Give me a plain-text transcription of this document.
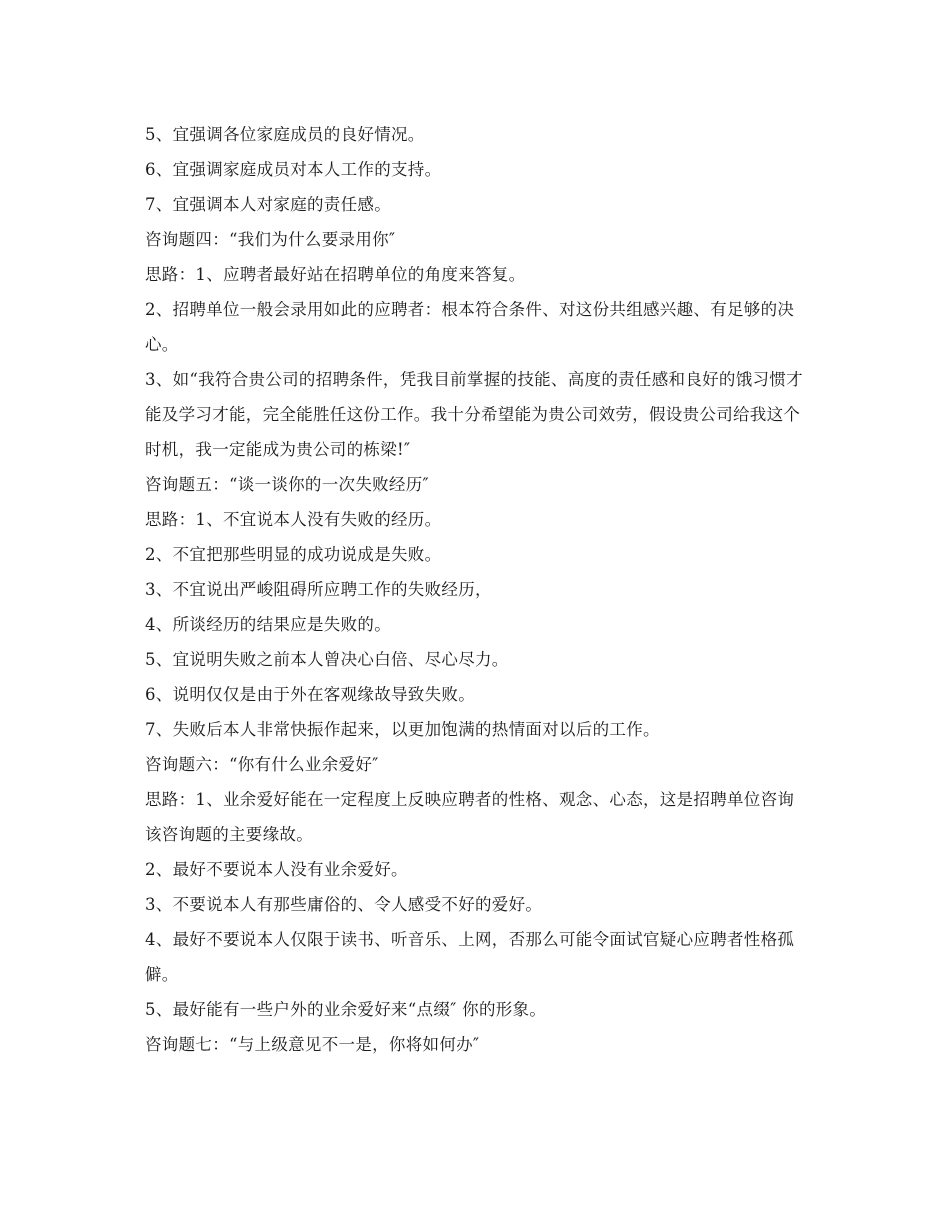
5、宜强调各位家庭成员的良好情况。

6、宜强调家庭成员对本人工作的支持。

7、宜强调本人对家庭的责任感。

咨询题四：“我们为什么要录用你″

思路：1、应聘者最好站在招聘单位的角度来答复。

2、招聘单位一般会录用如此的应聘者：根本符合条件、对这份共组感兴趣、有足够的决心。

3、如“我符合贵公司的招聘条件，凭我目前掌握的技能、高度的责任感和良好的饿习惯才能及学习才能，完全能胜任这份工作。我十分希望能为贵公司效劳，假设贵公司给我这个时机，我一定能成为贵公司的栋梁!″

咨询题五：“谈一谈你的一次失败经历″

思路：1、不宜说本人没有失败的经历。

2、不宜把那些明显的成功说成是失败。

3、不宜说出严峻阻碍所应聘工作的失败经历，

4、所谈经历的结果应是失败的。

5、宜说明失败之前本人曾决心白倍、尽心尽力。

6、说明仅仅是由于外在客观缘故导致失败。

7、失败后本人非常快振作起来，以更加饱满的热情面对以后的工作。

咨询题六：“你有什么业余爱好″

思路：1、业余爱好能在一定程度上反映应聘者的性格、观念、心态，这是招聘单位咨询该咨询题的主要缘故。

2、最好不要说本人没有业余爱好。

3、不要说本人有那些庸俗的、令人感受不好的爱好。

4、最好不要说本人仅限于读书、听音乐、上网，否那么可能令面试官疑心应聘者性格孤僻。

5、最好能有一些户外的业余爱好来“点缀″ 你的形象。

咨询题七：“与上级意见不一是，你将如何办″
